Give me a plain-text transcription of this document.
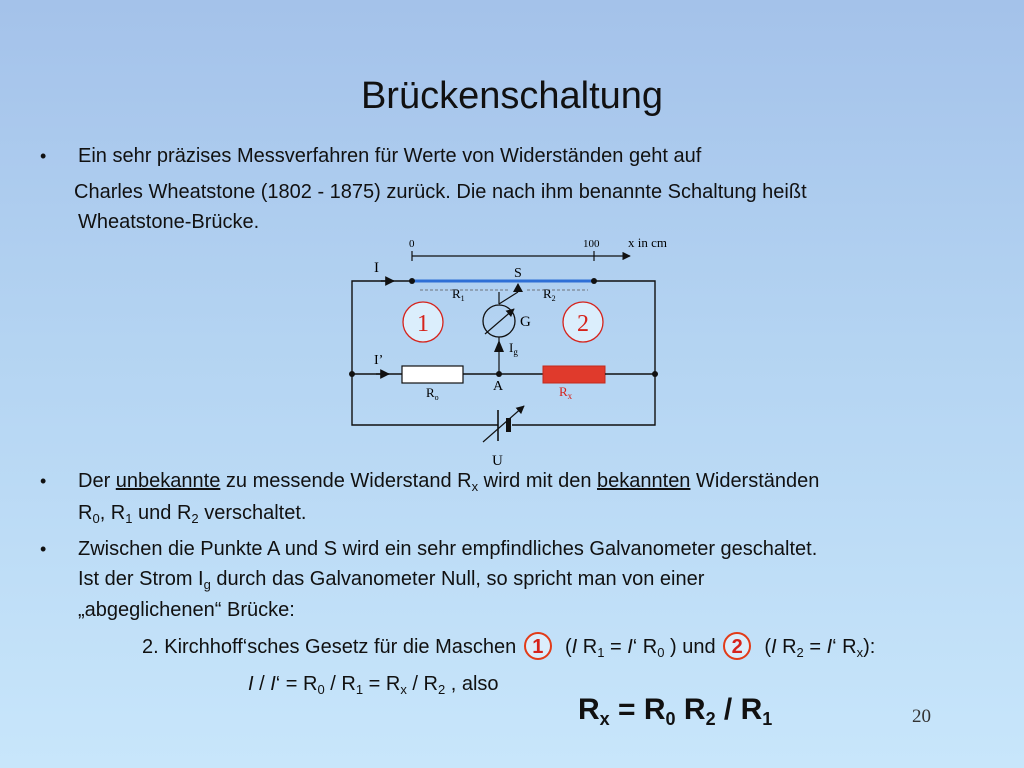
Brückenschaltung
• Ein sehr präzises Messverfahren für Werte von Widerständen geht auf
Charles Wheatstone (1802 - 1875) zurück. Die nach ihm benannte Schaltung heißt
Wheatstone-Brücke.
0	100 x in cm
I	S
$R_1$	$R_2$
G
$I_g$
1	2
I’
A
$R_o$	$R_x$
U
• Der unbekannte zu messende Widerstand $R_x$ wird mit den bekannten Widerständen
$R_0$, $R_1$ und $R_2$ verschaltet.
• Zwischen die Punkte A und S wird ein sehr empfindliches Galvanometer geschaltet.
Ist der Strom $I_g$ durch das Galvanometer Null, so spricht man von einer
„abgeglichenen“ Brücke:
2. Kirchhoff‘sches Gesetz für die Maschen 1 (I $R_1$ = I‘ $R_0$ ) und 2 (I $R_2$ = I‘ $R_x$):
I / I‘ = $R_0 / R_1 = R_x / R_2$ , also
$R_x = R_0$ $R_2 / R_1$	20
